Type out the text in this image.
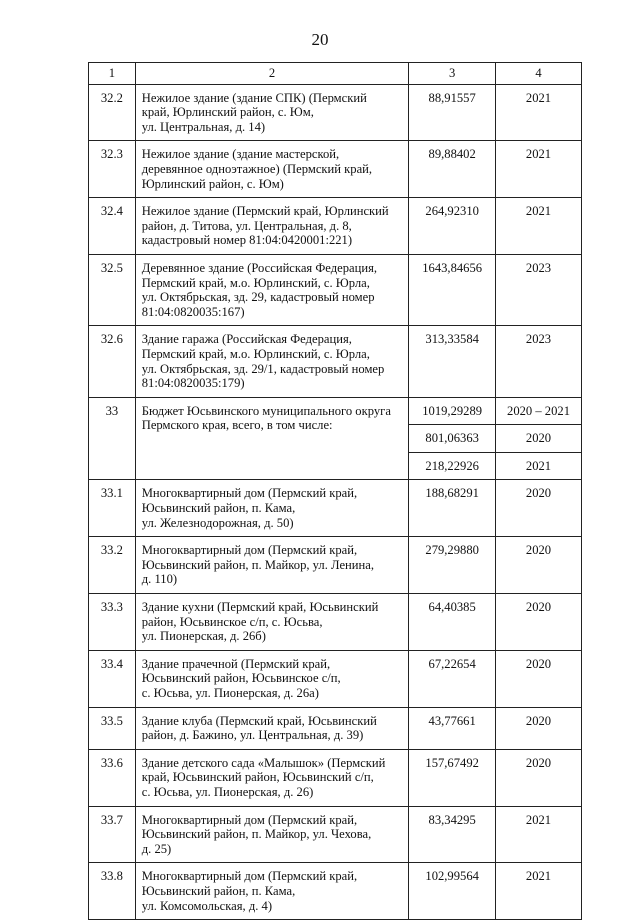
20
1	2	3	4
32.2	Нежилое здание (здание СПК) (Пермский
край, Юрлинский район, с. Юм,
ул. Центральная, д. 14)	88,91557	2021
32.3	Нежилое здание (здание мастерской,
деревянное одноэтажное) (Пермский край,
Юрлинский район, с. Юм)	89,88402	2021
32.4	Нежилое здание (Пермский край, Юрлинский
район, д. Титова, ул. Центральная, д. 8,
кадастровый номер 81:04:0420001:221)	264,92310	2021
32.5	Деревянное здание (Российская Федерация,
Пермский край, м.о. Юрлинский, с. Юрла,
ул. Октябрьская, зд. 29, кадастровый номер
81:04:0820035:167)	1643,84656	2023
32.6	Здание гаража (Российская Федерация,
Пермский край, м.о. Юрлинский, с. Юрла,
ул. Октябрьская, зд. 29/1, кадастровый номер
81:04:0820035:179)	313,33584	2023
33	Бюджет Юсьвинского муниципального округа
Пермского края, всего, в том числе:	1019,29289	2020 – 2021
		801,06363	2020
		218,22926	2021
33.1	Многоквартирный дом (Пермский край,
Юсьвинский район, п. Кама,
ул. Железнодорожная, д. 50)	188,68291	2020
33.2	Многоквартирный дом (Пермский край,
Юсьвинский район, п. Майкор, ул. Ленина,
д. 110)	279,29880	2020
33.3	Здание кухни (Пермский край, Юсьвинский
район, Юсьвинское с/п, с. Юсьва,
ул. Пионерская, д. 26б)	64,40385	2020
33.4	Здание прачечной (Пермский край,
Юсьвинский район, Юсьвинское с/п,
с. Юсьва, ул. Пионерская, д. 26а)	67,22654	2020
33.5	Здание клуба (Пермский край, Юсьвинский
район, д. Бажино, ул. Центральная, д. 39)	43,77661	2020
33.6	Здание детского сада «Малышок» (Пермский
край, Юсьвинский район, Юсьвинский с/п,
с. Юсьва, ул. Пионерская, д. 26)	157,67492	2020
33.7	Многоквартирный дом (Пермский край,
Юсьвинский район, п. Майкор, ул. Чехова,
д. 25)	83,34295	2021
33.8	Многоквартирный дом (Пермский край,
Юсьвинский район, п. Кама,
ул. Комсомольская, д. 4)	102,99564	2021
